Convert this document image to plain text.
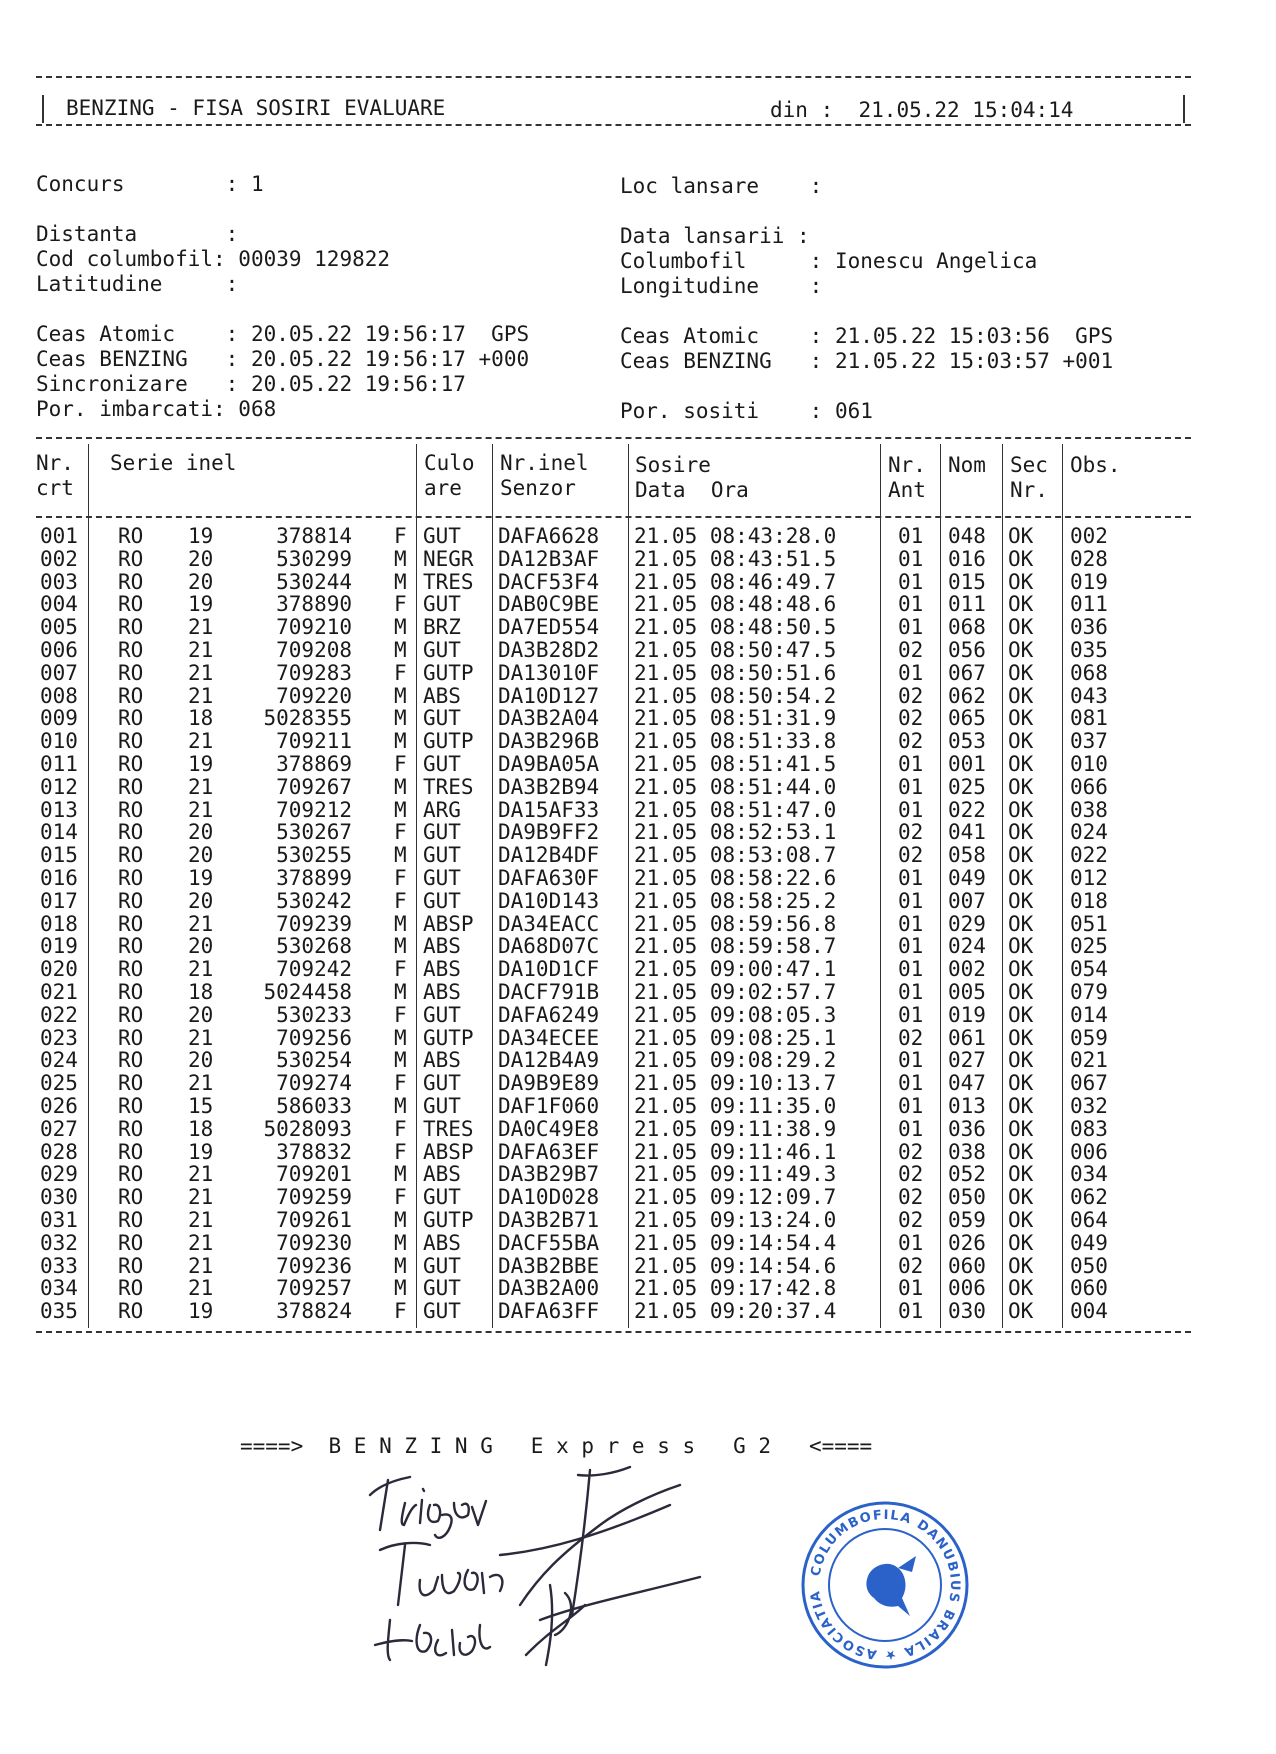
BENZING - FISA SOSIRI EVALUARE	din : 21.05.22 15:04:14
Concurs        : 1
Distanta       :
Cod columbofil: 00039 129822
Latitudine     :
Ceas Atomic    : 20.05.22 19:56:17  GPS
Ceas BENZING   : 20.05.22 19:56:17 +000
Sincronizare   : 20.05.22 19:56:17
Por. imbarcati: 068
Loc lansare    :
Data lansarii :
Columbofil     : Ionescu Angelica
Longitudine    :
Ceas Atomic    : 21.05.22 15:03:56  GPS
Ceas BENZING   : 21.05.22 15:03:57 +001
Por. sositi    : 061
Nr.
crt
Serie inel	Culo
are
Nr.inel
Senzor
Sosire
Data  Ora
Nr.
Ant
Nom Sec
Nr.
Obs.
001 RO 19	378814 F GUT DAFA6628 21.05 08:43:28.0	01 048 OK 002
002 RO 20	530299 M NEGR DA12B3AF 21.05 08:43:51.5	01 016 OK 028
003 RO 20	530244 M TRES DACF53F4 21.05 08:46:49.7	01 015 OK 019
004 RO 19	378890 F GUT DAB0C9BE 21.05 08:48:48.6	01 011 OK 011
005 RO 21	709210 M BRZ DA7ED554 21.05 08:48:50.5	01 068 OK 036
006 RO 21	709208 M GUT DA3B28D2 21.05 08:50:47.5	02 056 OK 035
007 RO 21	709283 F GUTP DA13010F 21.05 08:50:51.6	01 067 OK 068
008 RO 21	709220 M ABS DA10D127 21.05 08:50:54.2	02 062 OK 043
009 RO 18	5028355 M GUT DA3B2A04 21.05 08:51:31.9	02 065 OK 081
010 RO 21	709211 M GUTP DA3B296B 21.05 08:51:33.8	02 053 OK 037
011 RO 19	378869 F GUT DA9BA05A 21.05 08:51:41.5	01 001 OK 010
012 RO 21	709267 M TRES DA3B2B94 21.05 08:51:44.0	01 025 OK 066
013 RO 21	709212 M ARG DA15AF33 21.05 08:51:47.0	01 022 OK 038
014 RO 20	530267 F GUT DA9B9FF2 21.05 08:52:53.1	02 041 OK 024
015 RO 20	530255 M GUT DA12B4DF 21.05 08:53:08.7	02 058 OK 022
016 RO 19	378899 F GUT DAFA630F 21.05 08:58:22.6	01 049 OK 012
017 RO 20	530242 F GUT DA10D143 21.05 08:58:25.2	01 007 OK 018
018 RO 21	709239 M ABSP DA34EACC 21.05 08:59:56.8	01 029 OK 051
019 RO 20	530268 M ABS DA68D07C 21.05 08:59:58.7	01 024 OK 025
020 RO 21	709242 F ABS DA10D1CF 21.05 09:00:47.1	01 002 OK 054
021 RO 18	5024458 M ABS DACF791B 21.05 09:02:57.7	01 005 OK 079
022 RO 20	530233 F GUT DAFA6249 21.05 09:08:05.3	01 019 OK 014
023 RO 21	709256 M GUTP DA34ECEE 21.05 09:08:25.1	02 061 OK 059
024 RO 20	530254 M ABS DA12B4A9 21.05 09:08:29.2	01 027 OK 021
025 RO 21	709274 F GUT DA9B9E89 21.05 09:10:13.7	01 047 OK 067
026 RO 15	586033 M GUT DAF1F060 21.05 09:11:35.0	01 013 OK 032
027 RO 18	5028093 F TRES DA0C49E8 21.05 09:11:38.9	01 036 OK 083
028 RO 19	378832 F ABSP DAFA63EF 21.05 09:11:46.1	02 038 OK 006
029 RO 21	709201 M ABS DA3B29B7 21.05 09:11:49.3	02 052 OK 034
030 RO 21	709259 F GUT DA10D028 21.05 09:12:09.7	02 050 OK 062
031 RO 21	709261 M GUTP DA3B2B71 21.05 09:13:24.0	02 059 OK 064
032 RO 21	709230 M ABS DACF55BA 21.05 09:14:54.4	01 026 OK 049
033 RO 21	709236 M GUT DA3B2BBE 21.05 09:14:54.6	02 060 OK 050
034 RO 21	709257 M GUT DA3B2A00 21.05 09:17:42.8	01 006 OK 060
035 RO 19	378824 F GUT DAFA63FF 21.05 09:20:37.4	01 030 OK 004
====>  B E N Z I N G   E x p r e s s   G 2   <====
COLUMBOFILA DANUBIUS BRAILA ★ ASOCIATIA
